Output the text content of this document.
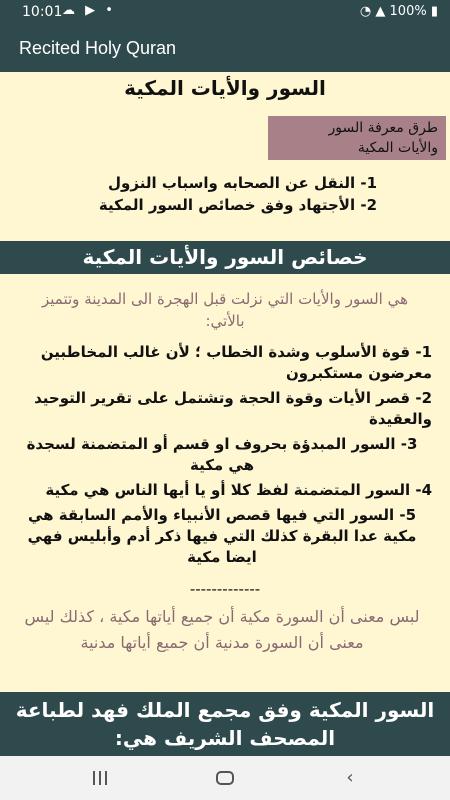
10:01 ☁ ▶ •	◔ ▲ 100% ▮
Recited Holy Quran
السور والأيات المكية
طرق معرفة السور
والأيات المكية
1- النقل عن الصحابه واسباب النزول
2- الأجتهاد وفق خصائص السور المكية
خصائص السور والأيات المكية
هي السور والأيات التي نزلت قبل الهجرة الى المدينة وتتميز بالأتي:
1- قوة الأسلوب وشدة الخطاب ؛ لأن غالب المخاطبين معرضون مستكبرون
2- قصر الأيات وقوة الحجة وتشتمل على تقرير التوحيد والعقيدة
3- السور المبدؤة بحروف او قسم أو المتضمنة لسجدة هي مكية
4- السور المتضمنة لفظ كلا أو يا أيها الناس هي مكية
5- السور التي فيها قصص الأنبياء والأمم السابقة هي مكية عدا البقرة كذلك التي فيها ذكر أدم وأبليس فهي ايضا مكية
-------------
لبس معنى أن السورة مكية أن جميع أياتها مكية ، كذلك ليس معنى أن السورة مدنية أن جميع أياتها مدنية
السور المكية وفق مجمع الملك فهد لطباعة المصحف الشريف هي:
‹
